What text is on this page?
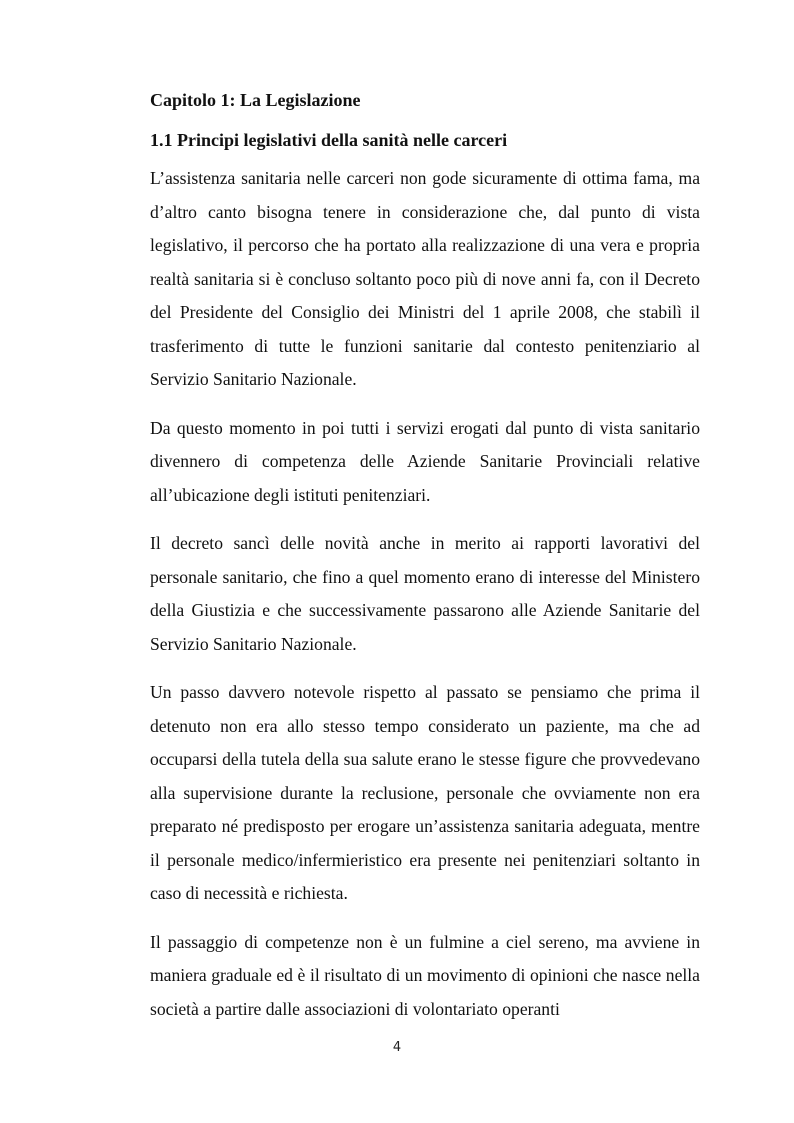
Capitolo 1: La Legislazione
1.1 Principi legislativi della sanità nelle carceri

L’assistenza sanitaria nelle carceri non gode sicuramente di ottima fama, ma d’altro canto bisogna tenere in considerazione che, dal punto di vista legislativo, il percorso che ha portato alla realizzazione di una vera e propria realtà sanitaria si è concluso soltanto poco più di nove anni fa, con il Decreto del Presidente del Consiglio dei Ministri del 1 aprile 2008, che stabilì il trasferimento di tutte le funzioni sanitarie dal contesto penitenziario al Servizio Sanitario Nazionale.

Da questo momento in poi tutti i servizi erogati dal punto di vista sanitario divennero di competenza delle Aziende Sanitarie Provinciali relative all’ubicazione degli istituti penitenziari.

Il decreto sancì delle novità anche in merito ai rapporti lavorativi del personale sanitario, che fino a quel momento erano di interesse del Ministero della Giustizia e che successivamente passarono alle Aziende Sanitarie del Servizio Sanitario Nazionale.

Un passo davvero notevole rispetto al passato se pensiamo che prima il detenuto non era allo stesso tempo considerato un paziente, ma che ad occuparsi della tutela della sua salute erano le stesse figure che provvedevano alla supervisione durante la reclusione, personale che ovviamente non era preparato né predisposto per erogare un’assistenza sanitaria adeguata, mentre il personale medico/infermieristico era presente nei penitenziari soltanto in caso di necessità e richiesta.

Il passaggio di competenze non è un fulmine a ciel sereno, ma avviene in maniera graduale ed è il risultato di un movimento di opinioni che nasce nella società a partire dalle associazioni di volontariato operanti

4
